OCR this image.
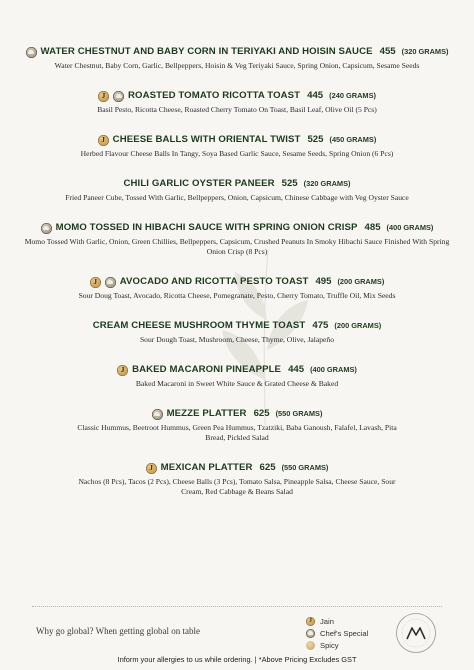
WATER CHESTNUT AND BABY CORN IN TERIYAKI AND HOISIN SAUCE 455 (320 GRAMS)
Water Chestnut, Baby Corn, Garlic, Bellpeppers, Hoisin & Veg Teriyaki Sauce, Spring Onion, Capsicum, Sesame Seeds
J	ROASTED TOMATO RICOTTA TOAST 445 (240 GRAMS)
Basil Pesto, Ricotta Cheese, Roasted Cherry Tomato On Toast, Basil Leaf, Olive Oil (5 Pcs)
J CHEESE BALLS WITH ORIENTAL TWIST 525 (450 GRAMS)
Herbed Flavour Cheese Balls In Tangy, Soya Based Garlic Sauce, Sesame Seeds, Spring Onion (6 Pcs)
CHILI GARLIC OYSTER PANEER 525 (320 GRAMS)
Fried Paneer Cube, Tossed With Garlic, Bellpeppers, Onion, Capsicum, Chinese Cabbage with Veg Oyster Sauce
MOMO TOSSED IN HIBACHI SAUCE WITH SPRING ONION CRISP 485 (400 GRAMS)
Momo Tossed With Garlic, Onion, Green Chillies, Bellpeppers, Capsicum, Crushed Peanuts In Smoky Hibachi Sauce Finished With Spring Onion Crisp (8 Pcs)
J	AVOCADO AND RICOTTA PESTO TOAST 495 (200 GRAMS)
Sour Doug Toast, Avocado, Ricotta Cheese, Pomegranate, Pesto, Cherry Tomato, Truffle Oil, Mix Seeds
CREAM CHEESE MUSHROOM THYME TOAST 475 (200 GRAMS)
Sour Dough Toast, Mushroom, Cheese, Thyme, Olive, Jalapeño
J BAKED MACARONI PINEAPPLE 445 (400 GRAMS)
Baked Macaroni in Sweet White Sauce & Grated Cheese & Baked
MEZZE PLATTER 625 (550 GRAMS)
Classic Hummus, Beetroot Hummus, Green Pea Hummus, Tzatziki, Baba Ganoush, Falafel, Lavash, Pita Bread, Pickled Salad
J MEXICAN PLATTER 625 (550 GRAMS)
Nachos (8 Pcs), Tacos (2 Pcs), Cheese Balls (3 Pcs), Tomato Salsa, Pineapple Salsa, Cheese Sauce, Sour Cream, Red Cabbage & Beans Salad
Why go global? When getting global on table
J	Jain
Chef's Special
Spicy
Inform your allergies to us while ordering. | *Above Pricing Excludes GST
